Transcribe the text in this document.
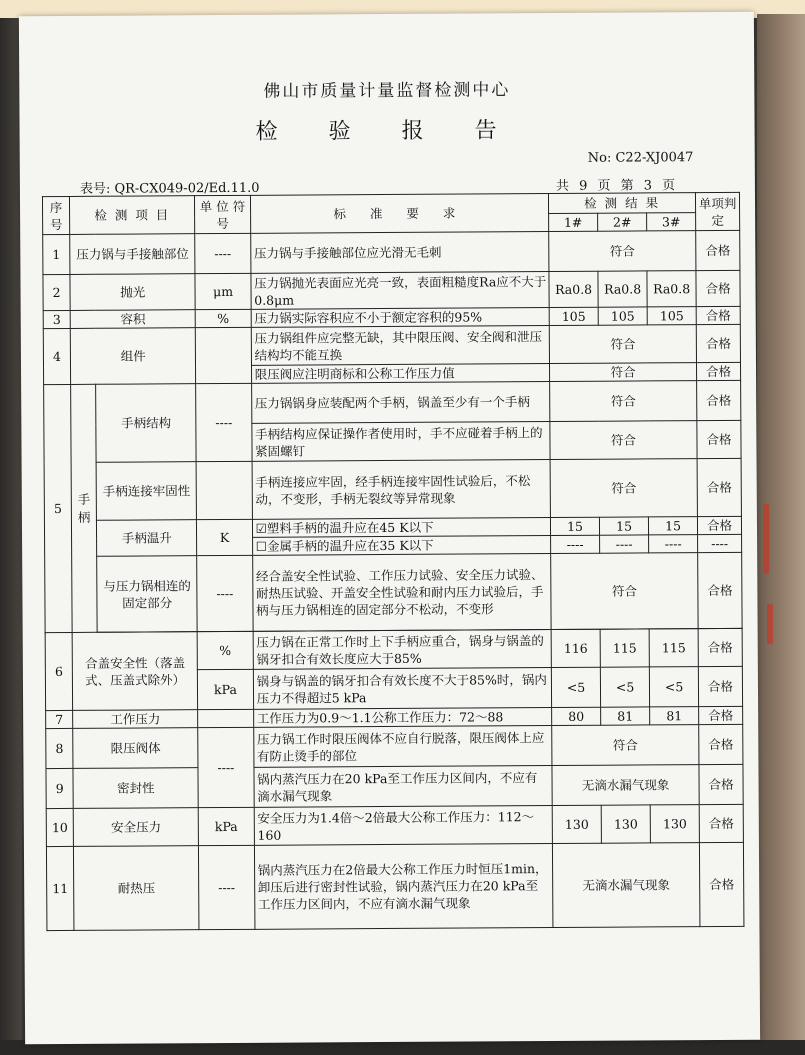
佛山市质量计量监督检测中心
检 验 报 告
No: C22-XJ0047
表号: QR-CX049-02/Ed.11.0	共 9 页 第 3 页
序号	检 测 项 目		单 位 符 号	标 准 要 求	检 测 结 果			单项判定
					1#	2#	3#	
1	压力锅与手接触部位		----	压力锅与手接触部位应光滑无毛刺	符合			合格
2	抛光		μm	压力锅抛光表面应光亮一致，表面粗糙度Ra应不大于0.8μm	Ra0.8	Ra0.8	Ra0.8	合格
3	容积		%	压力锅实际容积应不小于额定容积的95%	105	105	105	合格
4	组件			压力锅组件应完整无缺，其中限压阀、安全阀和泄压结构均不能互换	符合			合格
				限压阀应注明商标和公称工作压力值	符合			合格
5	手柄	手柄结构	----	压力锅锅身应装配两个手柄，锅盖至少有一个手柄	符合			合格
				手柄结构应保证操作者使用时，手不应碰着手柄上的紧固螺钉	符合			合格
		手柄连接牢固性		手柄连接应牢固，经手柄连接牢固性试验后，不松动，不变形，手柄无裂纹等异常现象	符合			合格
		手柄温升	K	☑塑料手柄的温升应在45 K以下	15	15	15	合格
				☐金属手柄的温升应在35 K以下	----	----	----	----
		与压力锅相连的固定部分	----	经合盖安全性试验、工作压力试验、安全压力试验、耐热压试验、开盖安全性试验和耐内压力试验后，手柄与压力锅相连的固定部分不松动，不变形	符合			合格

6	合盖安全性（落盖式、压盖式除外）		%	压力锅在正常工作时上下手柄应重合，锅身与锅盖的锅牙扣合有效长度应大于85%	116	115	115	合格
			kPa	锅身与锅盖的锅牙扣合有效长度不大于85%时，锅内压力不得超过5 kPa	<5	<5	<5	合格
7	工作压力			工作压力为0.9～1.1公称工作压力：72～88	80	81	81	合格
8	限压阀体		----	压力锅工作时限压阀体不应自行脱落，限压阀体上应有防止烫手的部位	符合			合格
9	密封性			锅内蒸汽压力在20 kPa至工作压力区间内，不应有滴水漏气现象	无滴水漏气现象			合格
10	安全压力		kPa	安全压力为1.4倍～2倍最大公称工作压力：112～160	130	130	130	合格
11	耐热压		----	锅内蒸汽压力在2倍最大公称工作压力时恒压1min，卸压后进行密封性试验，锅内蒸汽压力在20 kPa至工作压力区间内，不应有滴水漏气现象	无滴水漏气现象			合格
